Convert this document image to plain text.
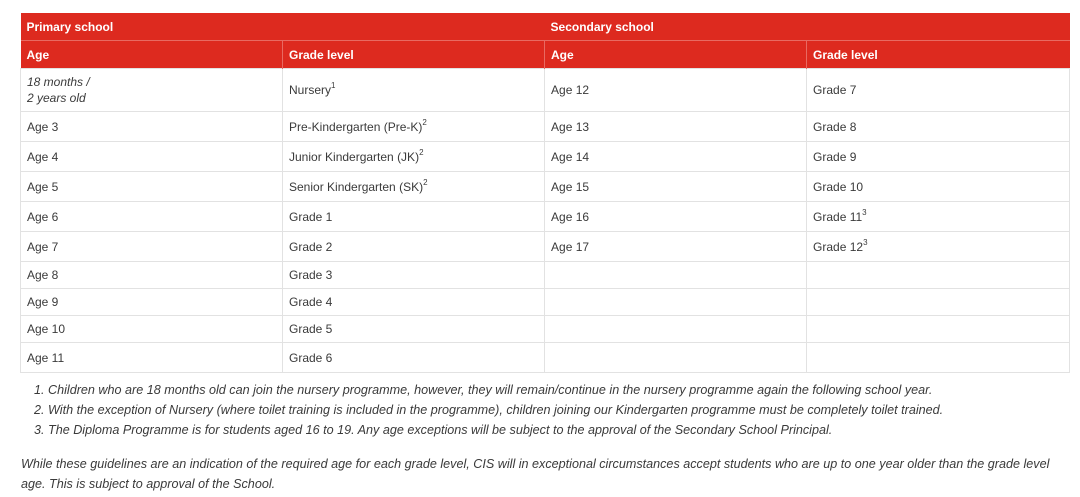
Primary school		Secondary school	
Age	Grade level	Age	Grade level

18 months /
2 years old	Nursery$^1$	Age 12	Grade 7
Age 3	Pre-Kindergarten $(Pre-K)^2$	Age 13	Grade 8
Age 4	Junior Kindergarten (JK)$^2$	Age 14	Grade 9
Age 5	Senior Kindergarten (SK)$^2$	Age 15	Grade 10
Age 6	Grade 1	Age 16	Grade $11^3$
Age 7	Grade 2	Age 17	Grade $12^3$
Age 8	Grade 3		
Age 9	Grade 4		
Age 10	Grade 5		
Age 11	Grade 6		
1. Children who are 18 months old can join the nursery programme, however, they will remain/continue in the nursery programme again the following school year.
2. With the exception of Nursery (where toilet training is included in the programme), children joining our Kindergarten programme must be completely toilet trained.
3. The Diploma Programme is for students aged 16 to 19. Any age exceptions will be subject to the approval of the Secondary School Principal.

While these guidelines are an indication of the required age for each grade level, CIS will in exceptional circumstances accept students who are up to one year older than the grade level age. This is subject to approval of the School.
